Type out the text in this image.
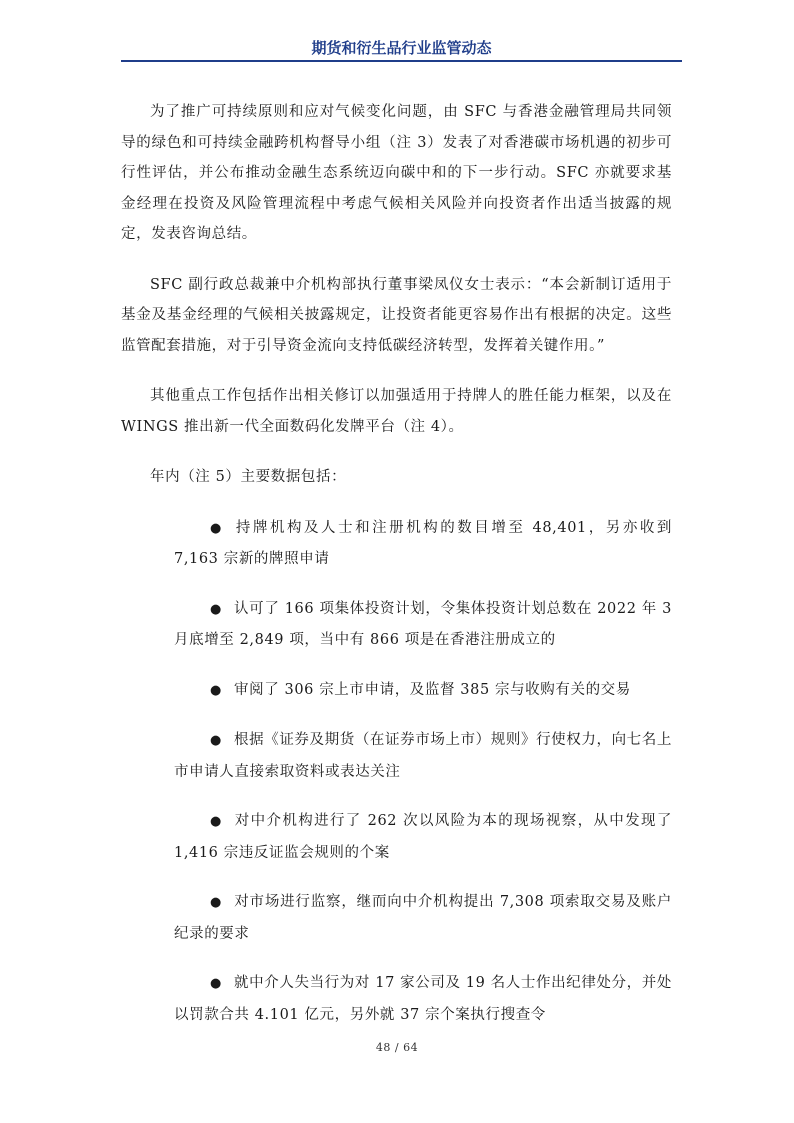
期货和衍生品行业监管动态

为了推广可持续原则和应对气候变化问题，由 SFC 与香港金融管理局共同领导的绿色和可持续金融跨机构督导小组（注 3）发表了对香港碳市场机遇的初步可行性评估，并公布推动金融生态系统迈向碳中和的下一步行动。SFC 亦就要求基金经理在投资及风险管理流程中考虑气候相关风险并向投资者作出适当披露的规定，发表咨询总结。

SFC 副行政总裁兼中介机构部执行董事梁凤仪女士表示：“本会新制订适用于基金及基金经理的气候相关披露规定，让投资者能更容易作出有根据的决定。这些监管配套措施，对于引导资金流向支持低碳经济转型，发挥着关键作用。”

其他重点工作包括作出相关修订以加强适用于持牌人的胜任能力框架，以及在 WINGS 推出新一代全面数码化发牌平台（注 4）。

年内（注 5）主要数据包括：

● 持牌机构及人士和注册机构的数目增至 48,401，另亦收到 7,163 宗新的牌照申请
● 认可了 166 项集体投资计划，令集体投资计划总数在 2022 年 3 月底增至 2,849 项，当中有 866 项是在香港注册成立的
● 审阅了 306 宗上市申请，及监督 385 宗与收购有关的交易
● 根据《证券及期货（在证券市场上市）规则》行使权力，向七名上市申请人直接索取资料或表达关注
● 对中介机构进行了 262 次以风险为本的现场视察，从中发现了 1,416 宗违反证监会规则的个案
● 对市场进行监察，继而向中介机构提出 7,308 项索取交易及账户纪录的要求
● 就中介人失当行为对 17 家公司及 19 名人士作出纪律处分，并处以罚款合共 4.101 亿元，另外就 37 宗个案执行搜查令
48 / 64
